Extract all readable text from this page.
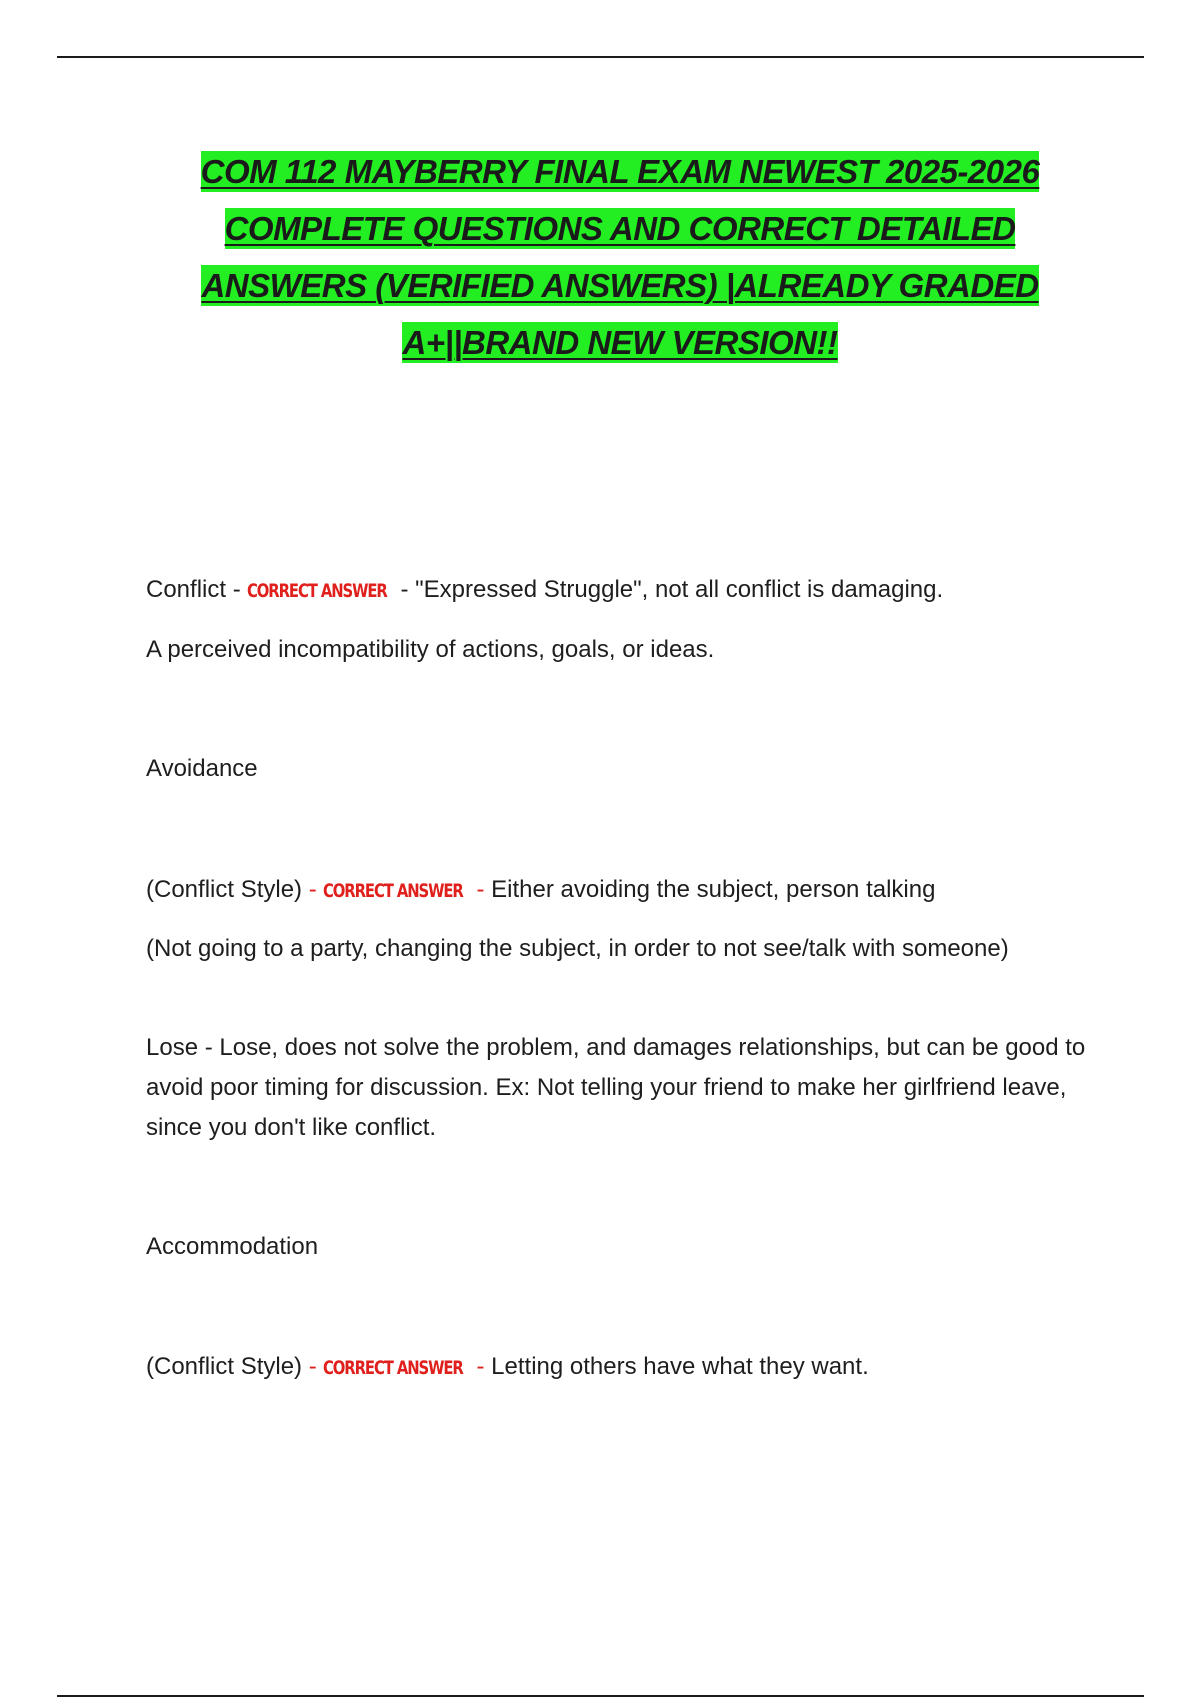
COM 112 MAYBERRY FINAL EXAM NEWEST 2025-2026 COMPLETE QUESTIONS AND CORRECT DETAILED ANSWERS (VERIFIED ANSWERS) |ALREADY GRADED A+||BRAND NEW VERSION!!
Conflict - CORRECT ANSWER - "Expressed Struggle", not all conflict is damaging.
A perceived incompatibility of actions, goals, or ideas.
Avoidance
(Conflict Style) - CORRECT ANSWER - Either avoiding the subject, person talking
(Not going to a party, changing the subject, in order to not see/talk with someone)
Lose - Lose, does not solve the problem, and damages relationships, but can be good to avoid poor timing for discussion. Ex: Not telling your friend to make her girlfriend leave, since you don't like conflict.
Accommodation
(Conflict Style) - CORRECT ANSWER - Letting others have what they want.
